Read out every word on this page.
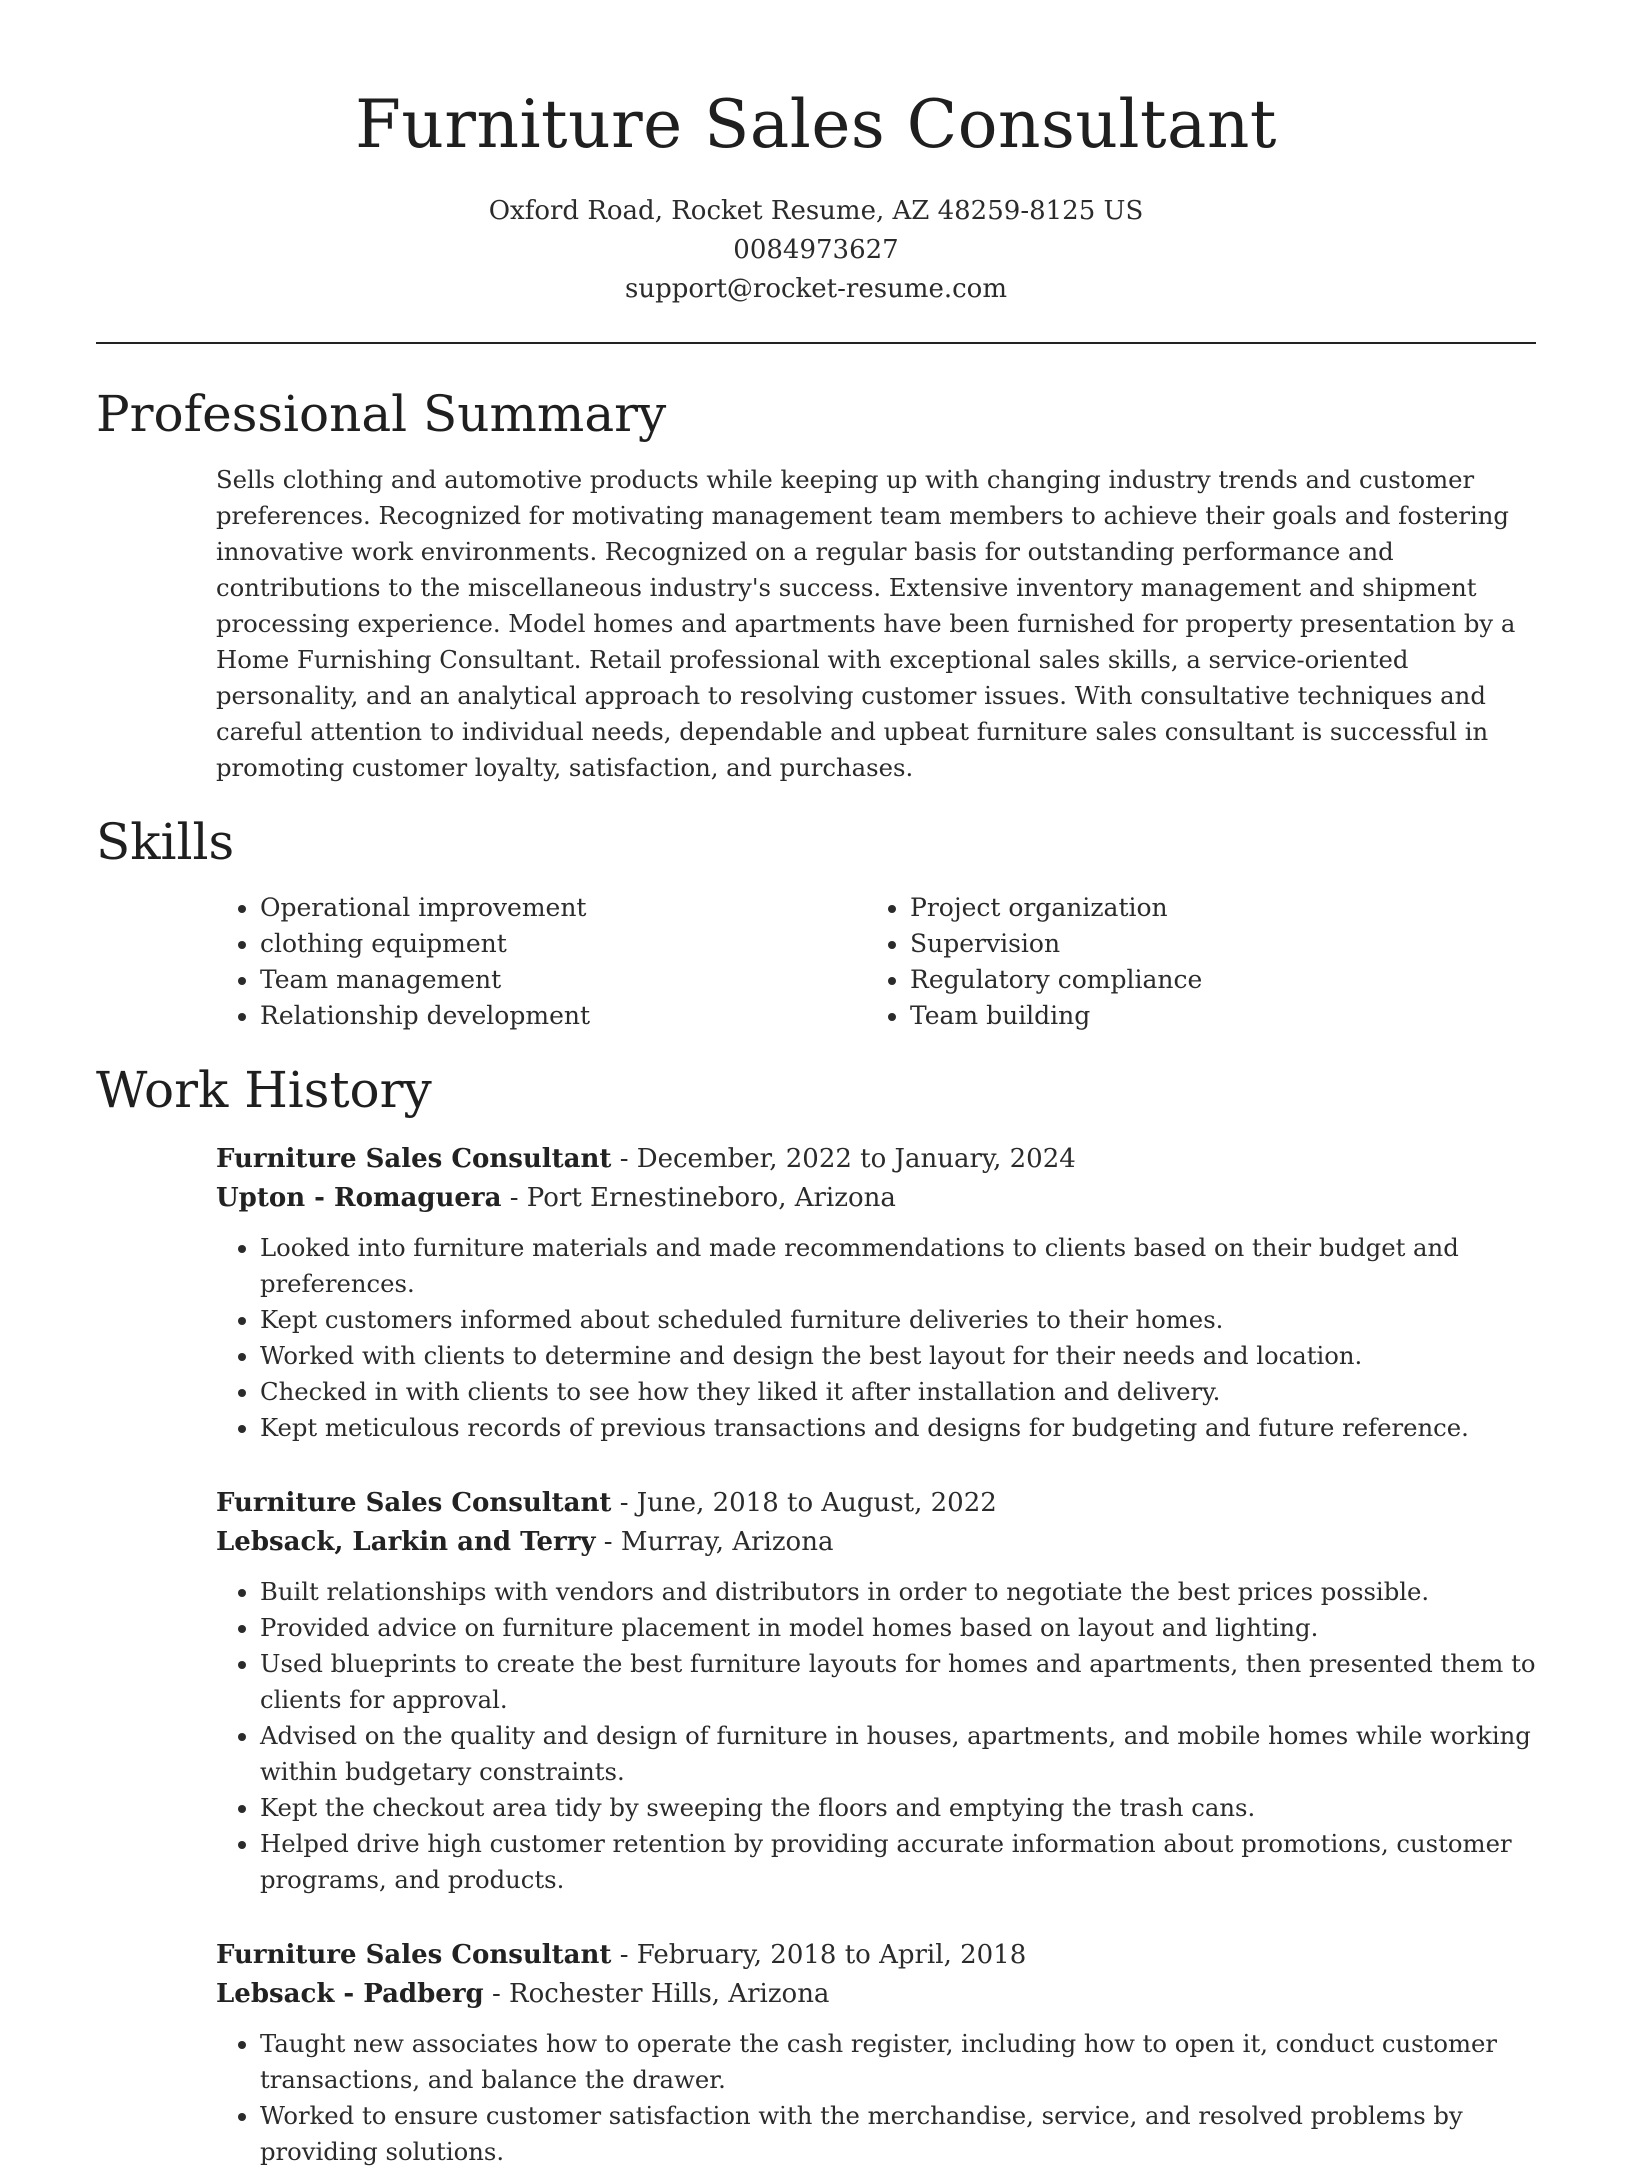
Furniture Sales Consultant
Oxford Road, Rocket Resume, AZ 48259-8125 US
0084973627
support@rocket-resume.com
Professional Summary

Sells clothing and automotive products while keeping up with changing industry trends and customer preferences. Recognized for motivating management team members to achieve their goals and fostering innovative work environments. Recognized on a regular basis for outstanding performance and contributions to the miscellaneous industry's success. Extensive inventory management and shipment processing experience. Model homes and apartments have been furnished for property presentation by a Home Furnishing Consultant. Retail professional with exceptional sales skills, a service-oriented personality, and an analytical approach to resolving customer issues. With consultative techniques and careful attention to individual needs, dependable and upbeat furniture sales consultant is successful in promoting customer loyalty, satisfaction, and purchases.

Skills
• Operational improvement
• clothing equipment
• Team management
• Relationship development
• Project organization
• Supervision
• Regulatory compliance
• Team building
Work History
Furniture Sales Consultant - December, 2022 to January, 2024
Upton - Romaguera - Port Ernestineboro, Arizona
• Looked into furniture materials and made recommendations to clients based on their budget and preferences.
• Kept customers informed about scheduled furniture deliveries to their homes.
• Worked with clients to determine and design the best layout for their needs and location.
• Checked in with clients to see how they liked it after installation and delivery.
• Kept meticulous records of previous transactions and designs for budgeting and future reference.
Furniture Sales Consultant - June, 2018 to August, 2022
Lebsack, Larkin and Terry - Murray, Arizona
• Built relationships with vendors and distributors in order to negotiate the best prices possible.
• Provided advice on furniture placement in model homes based on layout and lighting.
• Used blueprints to create the best furniture layouts for homes and apartments, then presented them to clients for approval.
• Advised on the quality and design of furniture in houses, apartments, and mobile homes while working within budgetary constraints.
• Kept the checkout area tidy by sweeping the floors and emptying the trash cans.
• Helped drive high customer retention by providing accurate information about promotions, customer programs, and products.
Furniture Sales Consultant - February, 2018 to April, 2018
Lebsack - Padberg - Rochester Hills, Arizona
• Taught new associates how to operate the cash register, including how to open it, conduct customer transactions, and balance the drawer.
• Worked to ensure customer satisfaction with the merchandise, service, and resolved problems by providing solutions.
